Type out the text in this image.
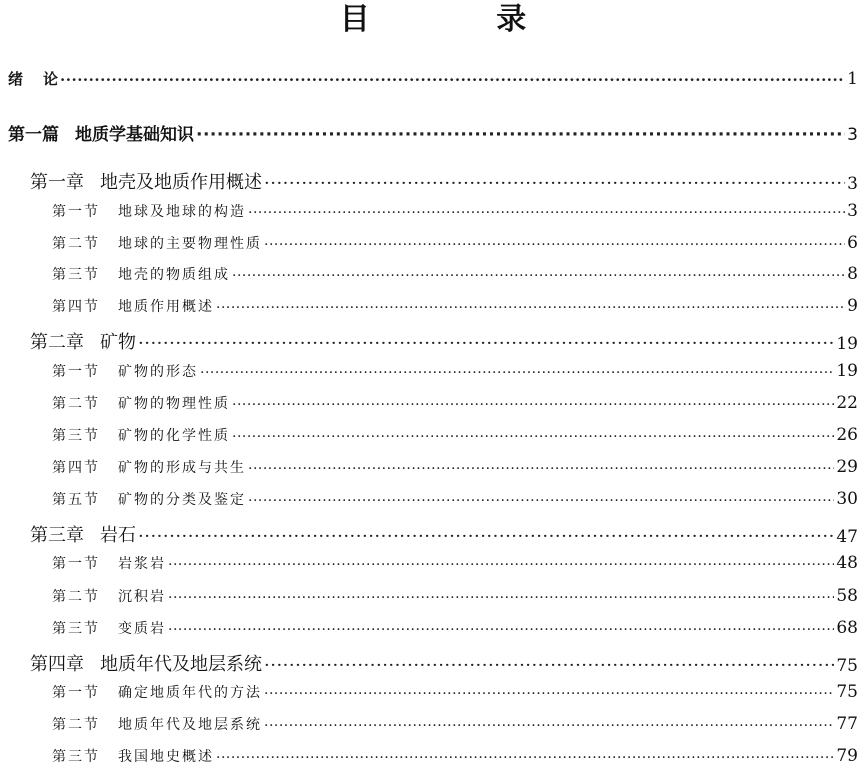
目 录
绪 论 ·····	1
第一篇 地质学基础知识 ·····	3
第一章 地壳及地质作用概述 ·····	3
第一节 地球及地球的构造 ·····	3
第二节 地球的主要物理性质 ·····	6
第三节 地壳的物质组成 ·····	8
第四节 地质作用概述 ·····	9
第二章 矿物 ·····	19
第一节 矿物的形态 ·····	19
第二节 矿物的物理性质 ·····	22
第三节 矿物的化学性质 ·····	26
第四节 矿物的形成与共生 ·····	29
第五节 矿物的分类及鉴定 ·····	30
第三章 岩石 ·····	47
第一节 岩浆岩 ·····	48
第二节 沉积岩 ·····	58
第三节 变质岩 ·····	68
第四章 地质年代及地层系统 ·····	75
第一节 确定地质年代的方法 ·····	75
第二节 地质年代及地层系统 ·····	77
第三节 我国地史概述 ·····	79
